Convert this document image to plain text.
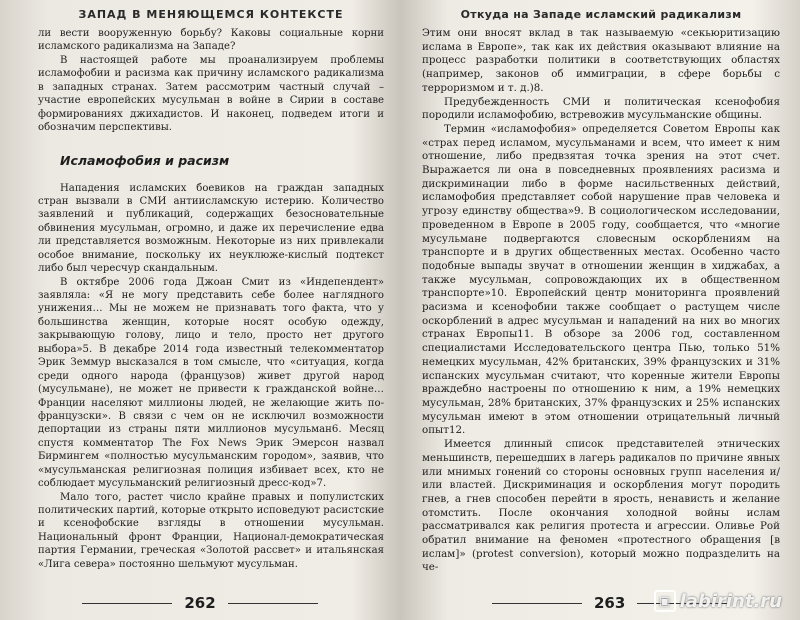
ЗАПАД В МЕНЯЮЩЕМСЯ КОНТЕКСТЕ

ли вести вооруженную борьбу? Каковы социальные корни исламского радикализма на Западе?

В настоящей работе мы проанализируем проблемы исламофобии и расизма как причину исламского радикализма в западных странах. Затем рассмотрим частный случай – участие европейских мусульман в войне в Сирии в составе формированиях джихадистов. И наконец, подведем итоги и обозначим перспективы.

Исламофобия и расизм

Нападения исламских боевиков на граждан западных стран вызвали в СМИ антиисламскую истерию. Количество заявлений и публикаций, содержащих безосновательные обвинения мусульман, огромно, и даже их перечисление едва ли представляется возможным. Некоторые из них привлекали особое внимание, поскольку их неуклюже-кислый подтекст либо был чересчур скандальным.

В октябре 2006 года Джоан Смит из «Индепендент» заявляла: «Я не могу представить себе более наглядного унижения… Мы не можем не признавать того факта, что у большинства женщин, которые носят особую одежду, закрывающую голову, лицо и тело, просто нет другого выбора»5. В декабре 2014 года известный телекомментатор Эрик Земмур высказался в том смысле, что «ситуация, когда среди одного народа (французов) живет другой народ (мусульмане), не может не привести к гражданской войне… Франции населяют миллионы людей, не желающие жить по-французски». В связи с чем он не исключил возможности депортации из страны пяти миллионов мусульман6. Месяц спустя комментатор The Fox News Эрик Эмерсон назвал Бирмингем «полностью мусульманским городом», заявив, что «мусульманская религиозная полиция избивает всех, кто не соблюдает мусульманский религиозный дресс-код»7.

Мало того, растет число крайне правых и популистских политических партий, которые открыто исповедуют расистские и ксенофобские взгляды в отношении мусульман. Национальный фронт Франции, Национал-демократическая партия Германии, греческая «Золотой рассвет» и итальянская «Лига севера» постоянно шельмуют мусульман.

262
Откуда на Западе исламский радикализм

Этим они вносят вклад в так называемую «секьюритизацию ислама в Европе», так как их действия оказывают влияние на процесс разработки политики в соответствующих областях (например, законов об иммиграции, в сфере борьбы с терроризмом и т. д.)8.

Предубежденность СМИ и политическая ксенофобия породили исламофобию, встревожив мусульманские общины.

Термин «исламофобия» определяется Советом Европы как «страх перед исламом, мусульманами и всем, что имеет к ним отношение, либо предвзятая точка зрения на этот счет. Выражается ли она в повседневных проявлениях расизма и дискриминации либо в форме насильственных действий, исламофобия представляет собой нарушение прав человека и угрозу единству общества»9. В социологическом исследовании, проведенном в Европе в 2005 году, сообщается, что «многие мусульмане подвергаются словесным оскорблениям на транспорте и в других общественных местах. Особенно часто подобные выпады звучат в отношении женщин в хиджабах, а также мусульман, сопровождающих их в общественном транспорте»10. Европейский центр мониторинга проявлений расизма и ксенофобии также сообщает о растущем числе оскорблений в адрес мусульман и нападений на них во многих странах Европы11. В обзоре за 2006 год, составленном специалистами Исследовательского центра Пью, только 51% немецких мусульман, 42% британских, 39% французских и 31% испанских мусульман считают, что коренные жители Европы враждебно настроены по отношению к ним, а 19% немецких мусульман, 28% британских, 37% французских и 25% испанских мусульман имеют в этом отношении отрицательный личный опыт12.

Имеется длинный список представителей этнических меньшинств, перешедших в лагерь радикалов по причине явных или мнимых гонений со стороны основных групп населения и/или властей. Дискриминация и оскорбления могут породить гнев, а гнев способен перейти в ярость, ненависть и желание отомстить. После окончания холодной войны ислам рассматривался как религия протеста и агрессии. Оливье Рой обратил внимание на феномен «протестного обращения [в ислам]» (protest conversion), который можно подразделить на че-

263	▣ labirint.ru
